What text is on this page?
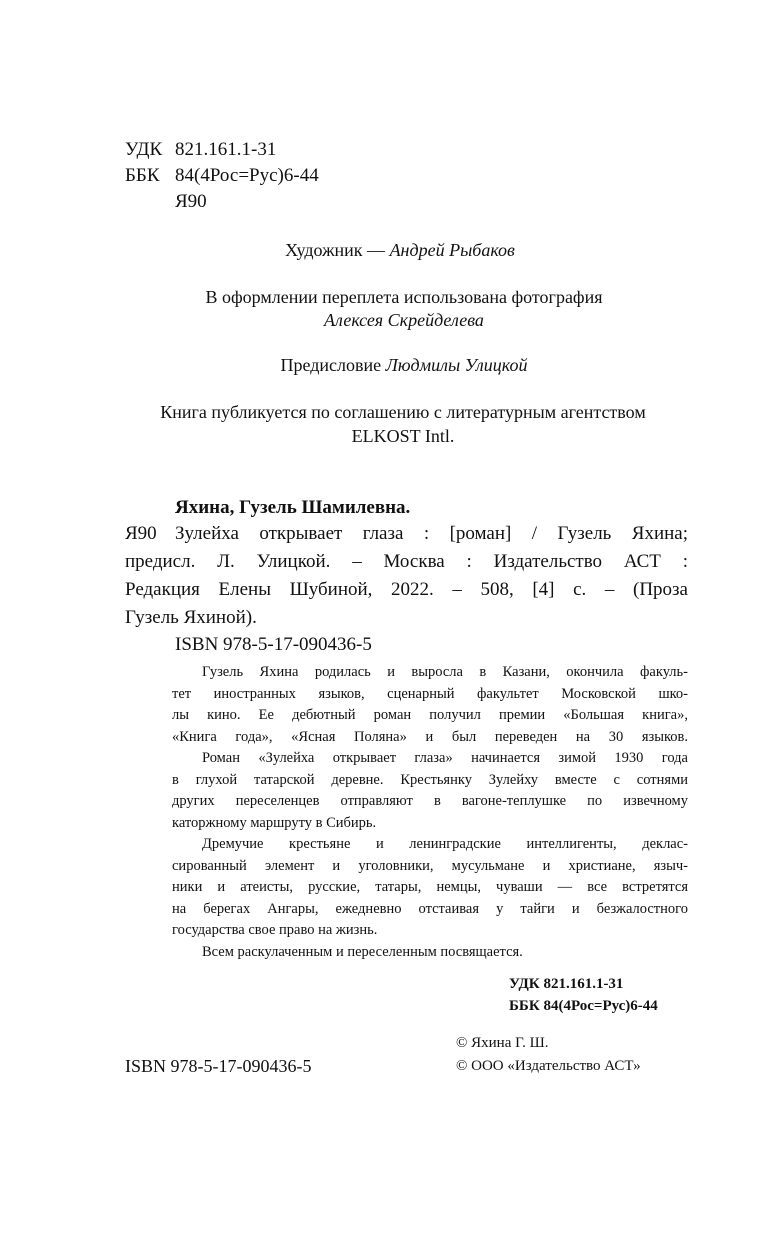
УДК 821.161.1-31
ББК 84(4Рос=Рус)6-44
Я90
Художник — Андрей Рыбаков
В оформлении переплета использована фотография
Алексея Скрейделева
Предисловие Людмилы Улицкой
Книга публикуется по соглашению с литературным агентством
ELKOST Intl.
Яхина, Гузель Шамилевна.
Я90 Зулейха открывает глаза : [роман] / Гузель Яхина;
предисл. Л. Улицкой. – Москва : Издательство АСТ :
Редакция Елены Шубиной, 2022. – 508, [4] с. – (Проза
Гузель Яхиной).
ISBN 978-5-17-090436-5
Гузель Яхина родилась и выросла в Казани, окончила факуль-
тет иностранных языков, сценарный факультет Московской шко-
лы кино. Ее дебютный роман получил премии «Большая книга»,
«Книга года», «Ясная Поляна» и был переведен на 30 языков.
Роман «Зулейха открывает глаза» начинается зимой 1930 года
в глухой татарской деревне. Крестьянку Зулейху вместе с сотнями
других переселенцев отправляют в вагоне-теплушке по извечному
каторжному маршруту в Сибирь.
Дремучие крестьяне и ленинградские интеллигенты, деклас-
сированный элемент и уголовники, мусульмане и христиане, языч-
ники и атеисты, русские, татары, немцы, чуваши — все встретятся
на берегах Ангары, ежедневно отстаивая у тайги и безжалостного
государства свое право на жизнь.
Всем раскулаченным и переселенным посвящается.
УДК 821.161.1-31
ББК 84(4Рос=Рус)6-44
© Яхина Г. Ш.
ISBN 978-5-17-090436-5	© ООО «Издательство АСТ»
